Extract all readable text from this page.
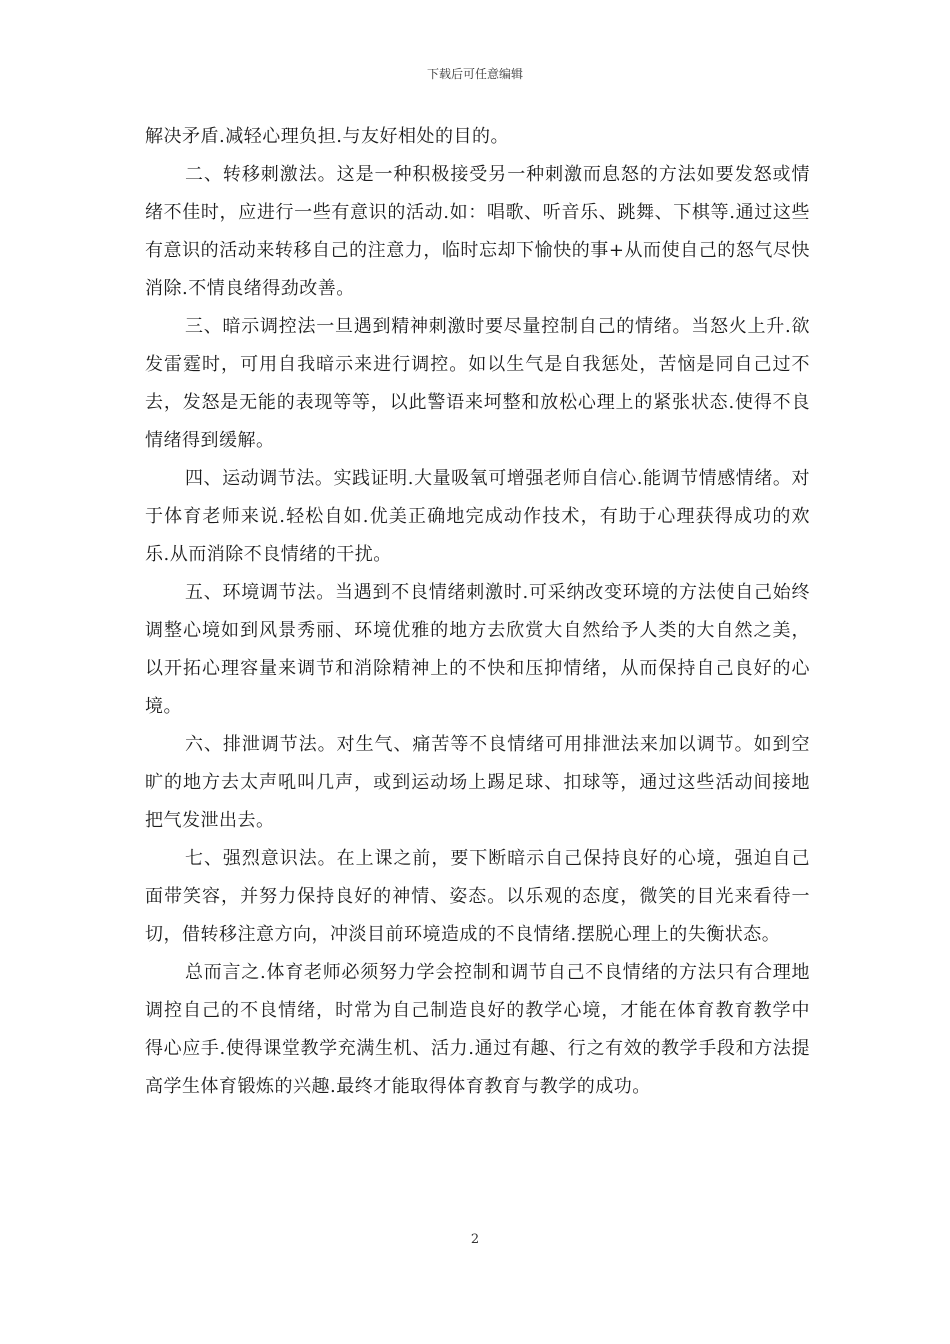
下载后可任意编辑

解决矛盾.减轻心理负担.与友好相处的目的。

二、转移刺激法。这是一种积极接受另一种刺激而息怒的方法如要发怒或情绪不佳时，应进行一些有意识的活动.如：唱歌、听音乐、跳舞、下棋等.通过这些有意识的活动来转移自己的注意力，临时忘却下愉快的事+从而使自己的怒气尽快消除.不情良绪得劲改善。

三、暗示调控法一旦遇到精神刺激时要尽量控制自己的情绪。当怒火上升.欲发雷霆时，可用自我暗示来进行调控。如以生气是自我惩处，苦恼是同自己过不去，发怒是无能的表现等等，以此警语来坷整和放松心理上的紧张状态.使得不良情绪得到缓解。

四、运动调节法。实践证明.大量吸氧可增强老师自信心.能调节情感情绪。对于体育老师来说.轻松自如.优美正确地完成动作技术，有助于心理获得成功的欢乐.从而消除不良情绪的干扰。

五、环境调节法。当遇到不良情绪刺激时.可采纳改变环境的方法使自己始终调整心境如到风景秀丽、环境优雅的地方去欣赏大自然给予人类的大自然之美，以开拓心理容量来调节和消除精神上的不快和压抑情绪，从而保持自己良好的心境。

六、排泄调节法。对生气、痛苦等不良情绪可用排泄法来加以调节。如到空旷的地方去太声吼叫几声，或到运动场上踢足球、扣球等，通过这些活动间接地把气发泄出去。

七、强烈意识法。在上课之前，要下断暗示自己保持良好的心境，强迫自己面带笑容，并努力保持良好的神情、姿态。以乐观的态度，微笑的目光来看待一切，借转移注意方向，冲淡目前环境造成的不良情绪.摆脱心理上的失衡状态。

总而言之.体育老师必须努力学会控制和调节自己不良情绪的方法只有合理地调控自己的不良情绪，时常为自己制造良好的教学心境，才能在体育教育教学中得心应手.使得课堂教学充满生机、活力.通过有趣、行之有效的教学手段和方法提高学生体育锻炼的兴趣.最终才能取得体育教育与教学的成功。

2
